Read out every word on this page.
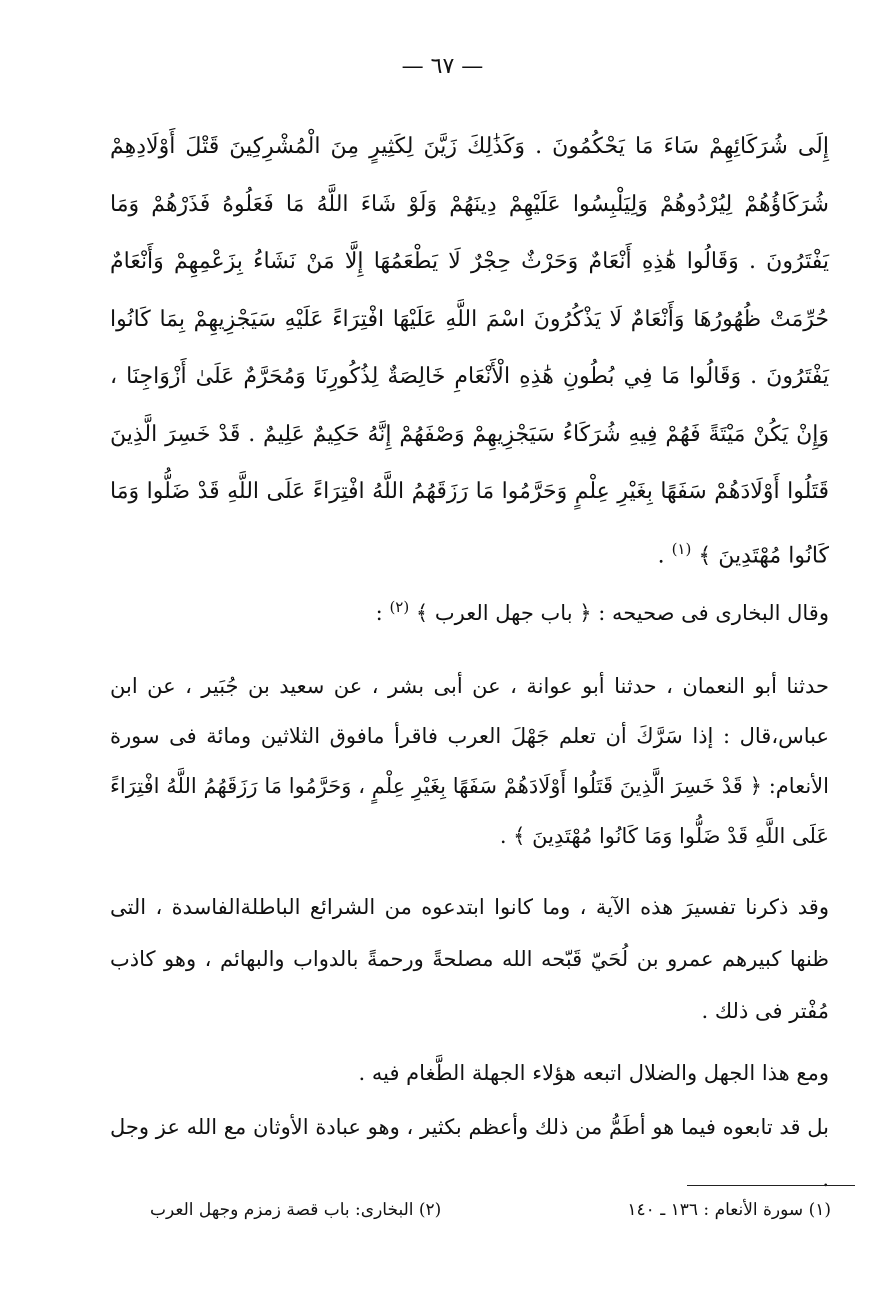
— ٦٧ —
إِلَى شُرَكَائِهِمْ سَاءَ مَا يَحْكُمُونَ . وَكَذَٰلِكَ زَيَّنَ لِكَثِيرٍ مِنَ الْمُشْرِكِينَ قَتْلَ أَوْلَادِهِمْ شُرَكَاؤُهُمْ لِيُرْدُوهُمْ وَلِيَلْبِسُوا عَلَيْهِمْ دِينَهُمْ وَلَوْ شَاءَ اللَّهُ مَا فَعَلُوهُ فَذَرْهُمْ وَمَا يَفْتَرُونَ . وَقَالُوا هَٰذِهِ أَنْعَامٌ وَحَرْثٌ حِجْرٌ لَا يَطْعَمُهَا إِلَّا مَنْ نَشَاءُ بِزَعْمِهِمْ وَأَنْعَامٌ حُرِّمَتْ ظُهُورُهَا وَأَنْعَامٌ لَا يَذْكُرُونَ اسْمَ اللَّهِ عَلَيْهَا افْتِرَاءً عَلَيْهِ سَيَجْزِيهِمْ بِمَا كَانُوا يَفْتَرُونَ . وَقَالُوا مَا فِي بُطُونِ هَٰذِهِ الْأَنْعَامِ خَالِصَةٌ لِذُكُورِنَا وَمُحَرَّمٌ عَلَىٰ أَزْوَاجِنَا ، وَإِنْ يَكُنْ مَيْتَةً فَهُمْ فِيهِ شُرَكَاءُ سَيَجْزِيهِمْ وَصْفَهُمْ إِنَّهُ حَكِيمٌ عَلِيمٌ . قَدْ خَسِرَ الَّذِينَ قَتَلُوا أَوْلَادَهُمْ سَفَهًا بِغَيْرِ عِلْمٍ وَحَرَّمُوا مَا رَزَقَهُمُ اللَّهُ افْتِرَاءً عَلَى اللَّهِ قَدْ ضَلُّوا وَمَا كَانُوا مُهْتَدِينَ ﴾ $^{(١)}$ .

وقال البخارى فى صحيحه : ﴿ باب جهل العرب ﴾ $^{(٢)}$ :

حدثنا أبو النعمان ، حدثنا أبو عوانة ، عن أبى بشر ، عن سعيد بن جُبَير ، عن ابن عباس،قال : إذا سَرَّكَ أن تعلم جَهْلَ العرب فاقرأ مافوق الثلاثين ومائة فى سورة الأنعام: ﴿ قَدْ خَسِرَ الَّذِينَ قَتَلُوا أَوْلَادَهُمْ سَفَهًا بِغَيْرِ عِلْمٍ ، وَحَرَّمُوا مَا رَزَقَهُمُ اللَّهُ افْتِرَاءً عَلَى اللَّهِ قَدْ ضَلُّوا وَمَا كَانُوا مُهْتَدِينَ ﴾ .

وقد ذكرنا تفسيرَ هذه الآية ، وما كانوا ابتدعوه من الشرائع الباطلةالفاسدة ، التى ظنها كبيرهم عمرو بن لُحَيّ قَبّحه الله مصلحةً ورحمةً بالدواب والبهائم ، وهو كاذب مُفْتر فى ذلك .

ومع هذا الجهل والضلال اتبعه هؤلاء الجهلة الطَّغام فيه .

بل قد تابعوه فيما هو أطَمُّ من ذلك وأعظم بكثير ، وهو عبادة الأوثان مع الله عز وجل .

(١) سورة الأنعام : ١٣٦ ـ ١٤٠
(٢) البخارى: باب قصة زمزم وجهل العرب
